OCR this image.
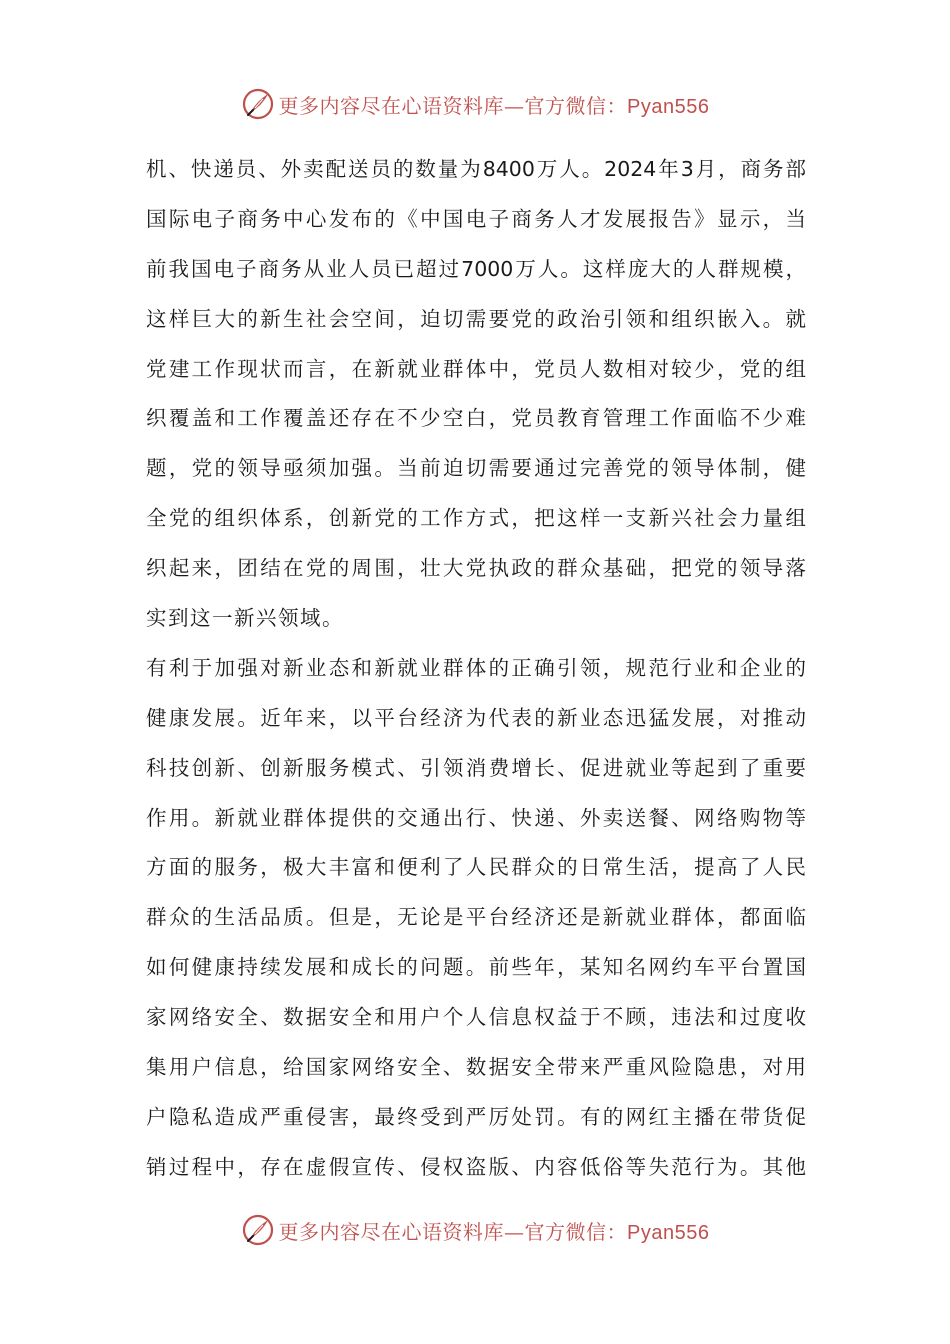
更多内容尽在心语资料库—官方微信：Pyan556
机、快递员、外卖配送员的数量为8400万人。2024年3月，商务部
国际电子商务中心发布的《中国电子商务人才发展报告》显示，当
前我国电子商务从业人员已超过7000万人。这样庞大的人群规模，
这样巨大的新生社会空间，迫切需要党的政治引领和组织嵌入。就
党建工作现状而言，在新就业群体中，党员人数相对较少，党的组
织覆盖和工作覆盖还存在不少空白，党员教育管理工作面临不少难
题，党的领导亟须加强。当前迫切需要通过完善党的领导体制，健
全党的组织体系，创新党的工作方式，把这样一支新兴社会力量组
织起来，团结在党的周围，壮大党执政的群众基础，把党的领导落
实到这一新兴领域。
有利于加强对新业态和新就业群体的正确引领，规范行业和企业的
健康发展。近年来，以平台经济为代表的新业态迅猛发展，对推动
科技创新、创新服务模式、引领消费增长、促进就业等起到了重要
作用。新就业群体提供的交通出行、快递、外卖送餐、网络购物等
方面的服务，极大丰富和便利了人民群众的日常生活，提高了人民
群众的生活品质。但是，无论是平台经济还是新就业群体，都面临
如何健康持续发展和成长的问题。前些年，某知名网约车平台置国
家网络安全、数据安全和用户个人信息权益于不顾，违法和过度收
集用户信息，给国家网络安全、数据安全带来严重风险隐患，对用
户隐私造成严重侵害，最终受到严厉处罚。有的网红主播在带货促
销过程中，存在虚假宣传、侵权盗版、内容低俗等失范行为。其他
更多内容尽在心语资料库—官方微信：Pyan556
